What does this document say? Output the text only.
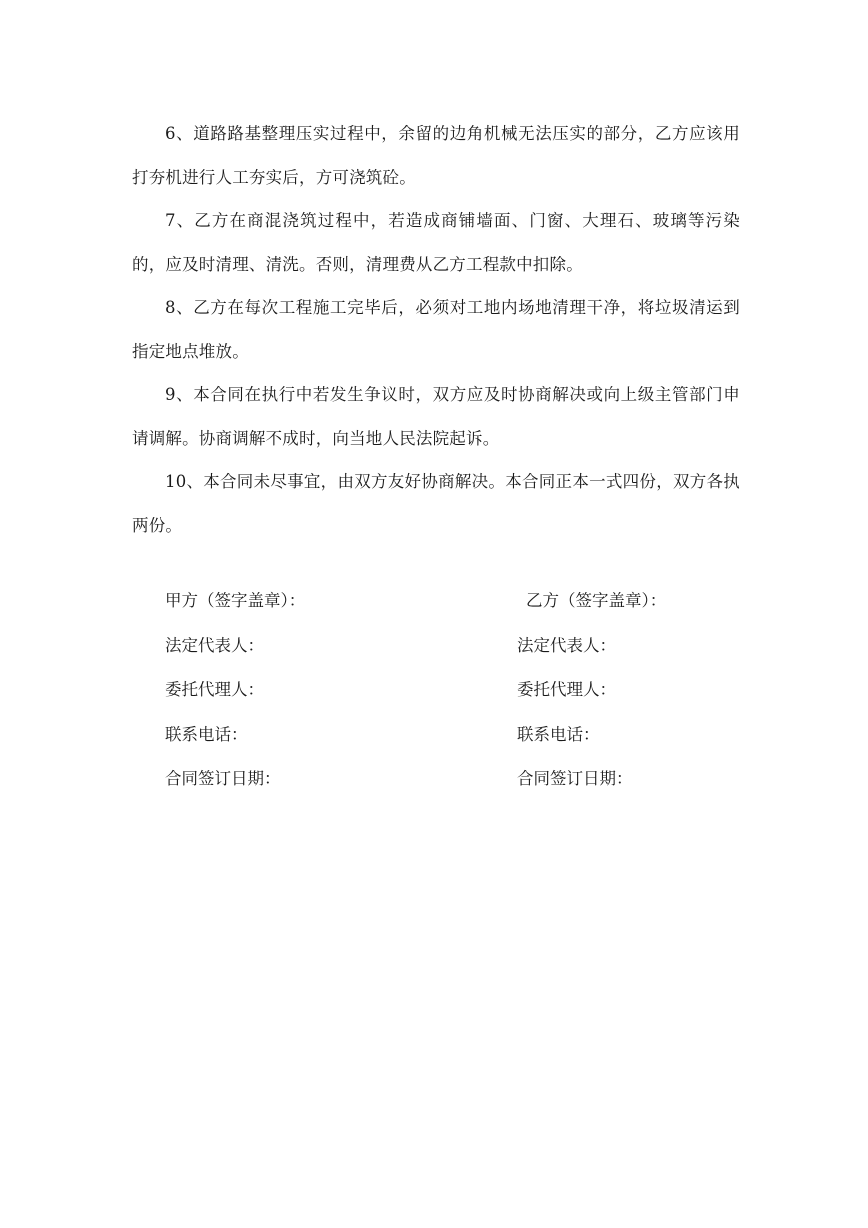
6、道路路基整理压实过程中，余留的边角机械无法压实的部分，乙方应该用打夯机进行人工夯实后，方可浇筑砼。

7、乙方在商混浇筑过程中，若造成商铺墙面、门窗、大理石、玻璃等污染的，应及时清理、清洗。否则，清理费从乙方工程款中扣除。

8、乙方在每次工程施工完毕后，必须对工地内场地清理干净，将垃圾清运到指定地点堆放。

9、本合同在执行中若发生争议时，双方应及时协商解决或向上级主管部门申请调解。协商调解不成时，向当地人民法院起诉。

10、本合同未尽事宜，由双方友好协商解决。本合同正本一式四份，双方各执两份。

甲方（签字盖章）：	乙方（签字盖章）：
法定代表人：	法定代表人：
委托代理人：	委托代理人：
联系电话：	联系电话：
合同签订日期：	合同签订日期：
